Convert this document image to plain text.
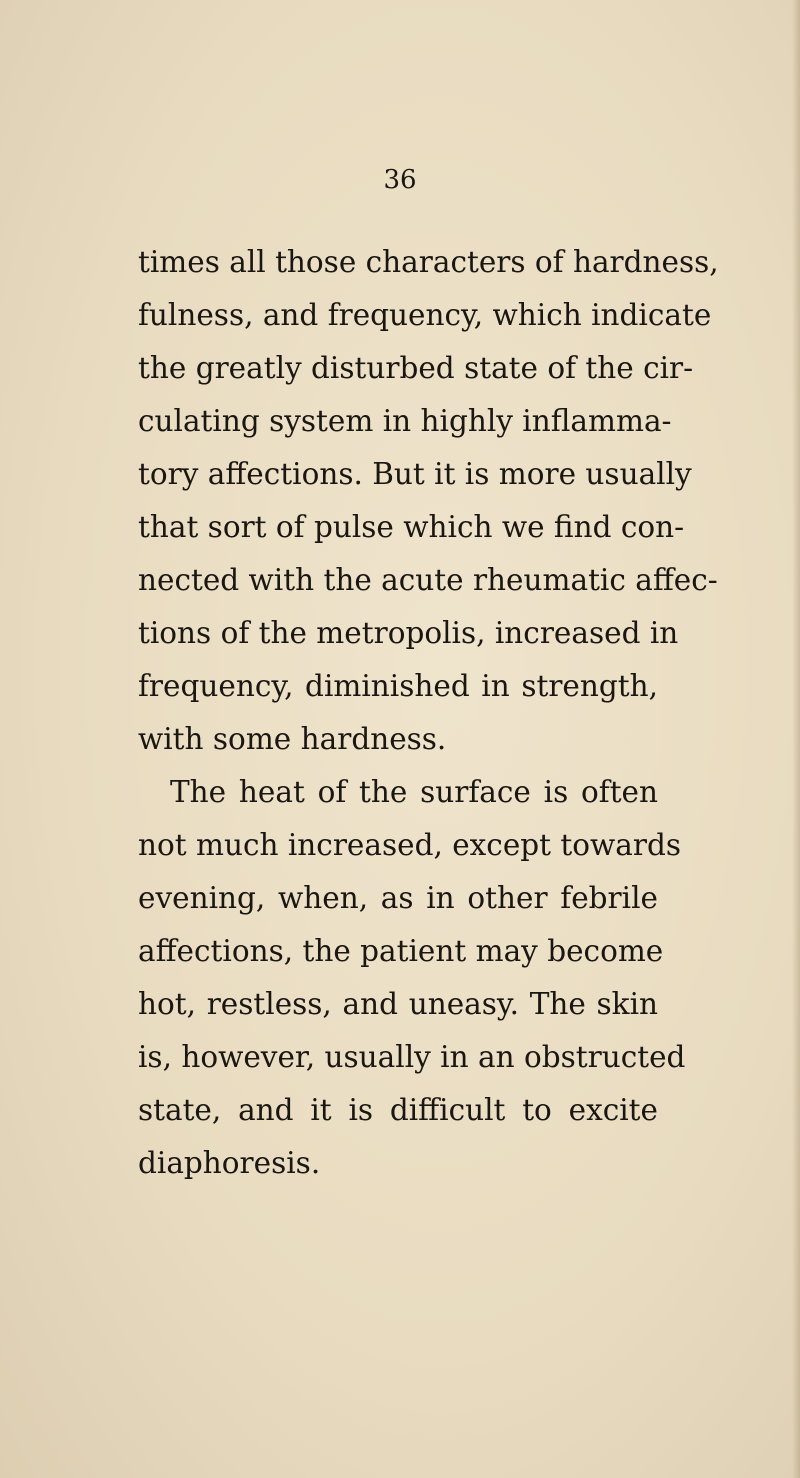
36
times all those characters of hardness,
fulness, and frequency, which indicate
the greatly disturbed state of the cir-
culating system in highly inflamma-
tory affections. But it is more usually
that sort of pulse which we find con-
nected with the acute rheumatic affec-
tions of the metropolis, increased in
frequency, diminished in strength,
with some hardness.
The heat of the surface is often
not much increased, except towards
evening, when, as in other febrile
affections, the patient may become
hot, restless, and uneasy. The skin
is, however, usually in an obstructed
state, and it is difficult to excite
diaphoresis.
